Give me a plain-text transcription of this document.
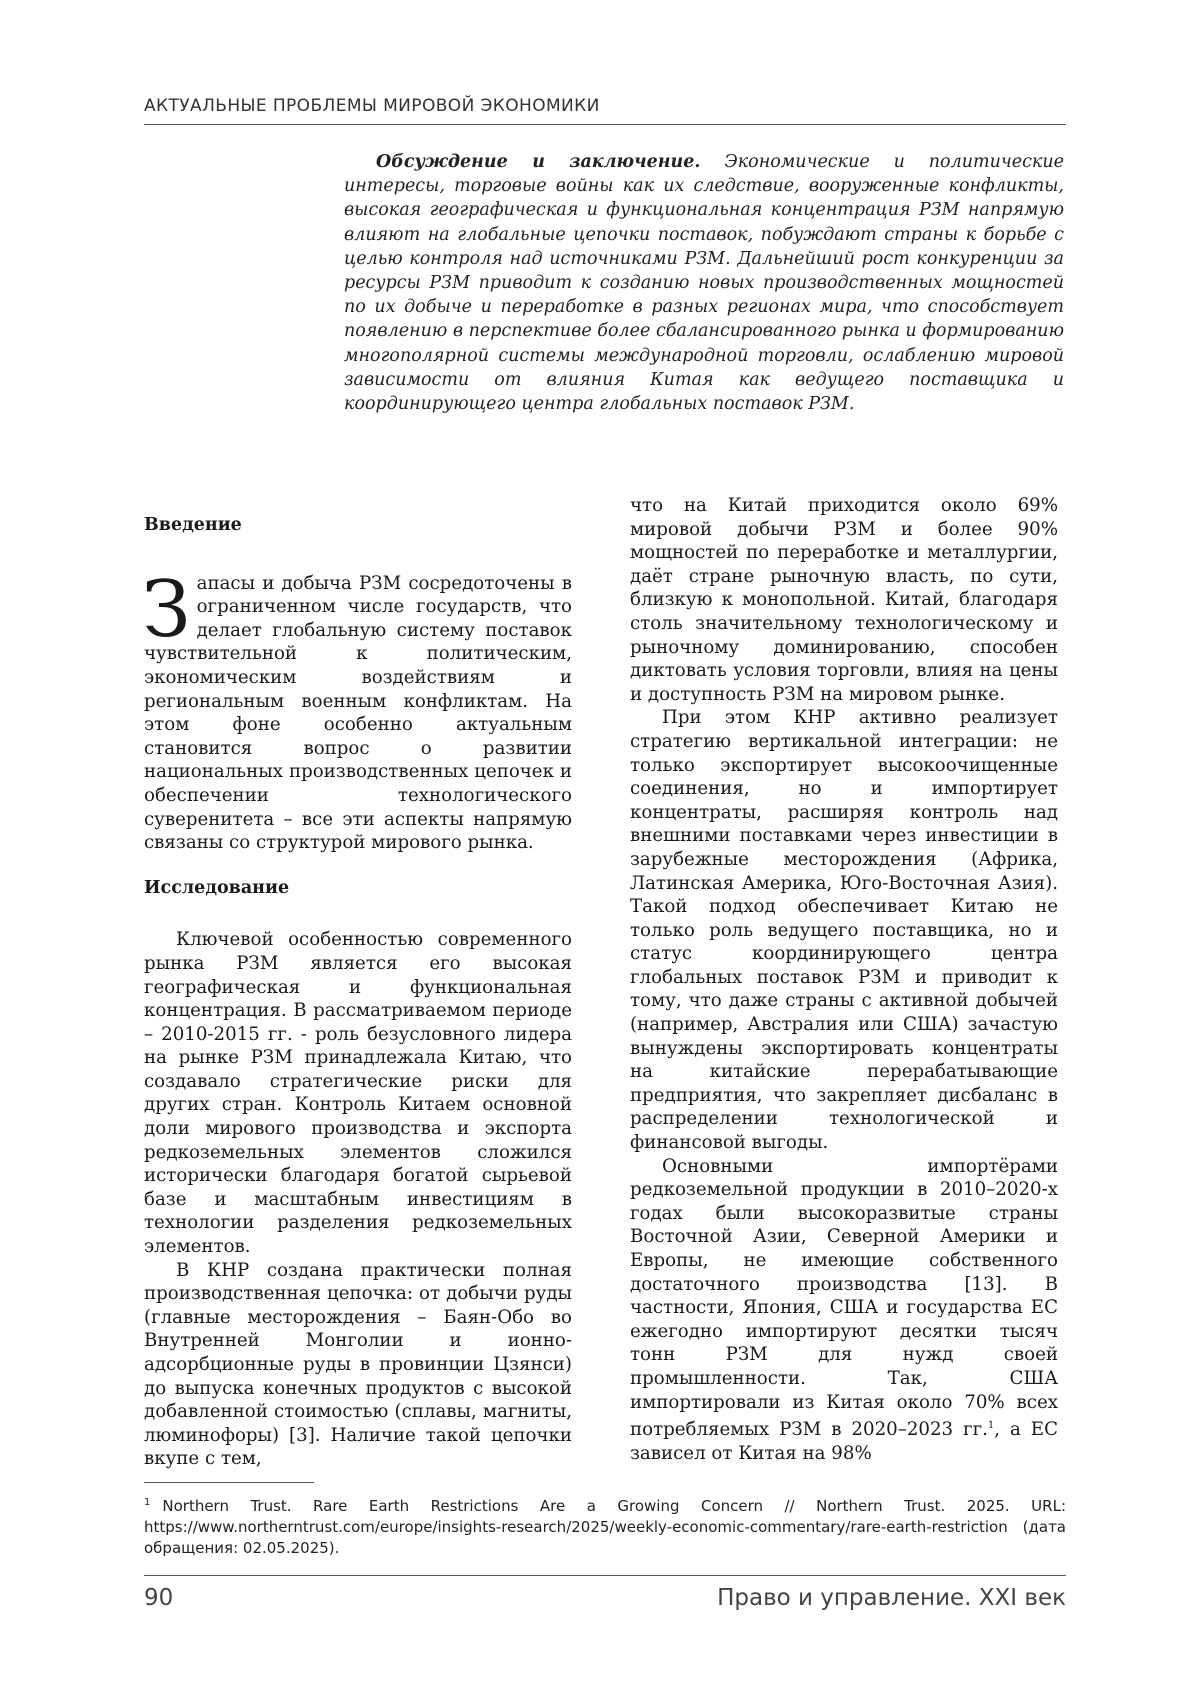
АКТУАЛЬНЫЕ ПРОБЛЕМЫ МИРОВОЙ ЭКОНОМИКИ

Обсуждение и заключение. Экономические и политические интересы, торговые войны как их следствие, вооруженные конфликты, высокая географическая и функциональная концентрация РЗМ напрямую влияют на глобальные цепочки поставок, побуждают страны к борьбе с целью контроля над источниками РЗМ. Дальнейший рост конкуренции за ресурсы РЗМ приводит к созданию новых производственных мощностей по их добыче и переработке в разных регионах мира, что способствует появлению в перспективе более сбалансированного рынка и формированию многополярной системы международной торговли, ослаблению мировой зависимости от влияния Китая как ведущего поставщика и координирующего центра глобальных поставок РЗМ.

Введение

Запасы и добыча РЗМ сосредоточены в ограниченном числе государств, что делает глобальную систему поставок чувствительной к политическим, экономическим воздействиям и региональным военным конфликтам. На этом фоне особенно актуальным становится вопрос о развитии национальных производственных цепочек и обеспечении технологического суверенитета – все эти аспекты напрямую связаны со структурой мирового рынка.

Исследование

Ключевой особенностью современного рынка РЗМ является его высокая географическая и функциональная концентрация. В рассматриваемом периоде – 2010-2015 гг. - роль безусловного лидера на рынке РЗМ принадлежала Китаю, что создавало стратегические риски для других стран. Контроль Китаем основной доли мирового производства и экспорта редкоземельных элементов сложился исторически благодаря богатой сырьевой базе и масштабным инвестициям в технологии разделения редкоземельных элементов.

В КНР создана практически полная производственная цепочка: от добычи руды (главные месторождения – Баян-Обо во Внутренней Монголии и ионно-адсорбционные руды в провинции Цзянси) до выпуска конечных продуктов с высокой добавленной стоимостью (сплавы, магниты, люминофоры) [3]. Наличие такой цепочки вкупе с тем,

что на Китай приходится около 69% мировой добычи РЗМ и более 90% мощностей по переработке и металлургии, даёт стране рыночную власть, по сути, близкую к монопольной. Китай, благодаря столь значительному технологическому и рыночному доминированию, способен диктовать условия торговли, влияя на цены и доступность РЗМ на мировом рынке.

При этом КНР активно реализует стратегию вертикальной интеграции: не только экспортирует высокоочищенные соединения, но и импортирует концентраты, расширяя контроль над внешними поставками через инвестиции в зарубежные месторождения (Африка, Латинская Америка, Юго-Восточная Азия). Такой подход обеспечивает Китаю не только роль ведущего поставщика, но и статус координирующего центра глобальных поставок РЗМ и приводит к тому, что даже страны с активной добычей (например, Австралия или США) зачастую вынуждены экспортировать концентраты на китайские перерабатывающие предприятия, что закрепляет дисбаланс в распределении технологической и финансовой выгоды.

Основными импортёрами редкоземельной продукции в 2010–2020-х годах были высокоразвитые страны Восточной Азии, Северной Америки и Европы, не имеющие собственного достаточного производства [13]. В частности, Япония, США и государства ЕС ежегодно импортируют десятки тысяч тонн РЗМ для нужд своей промышленности. Так, США импортировали из Китая около 70% всех потребляемых РЗМ в 2020–2023 гг.$^1$, а ЕС зависел от Китая на 98%

$^1$ Northern Trust. Rare Earth Restrictions Are a Growing Concern // Northern Trust. 2025. URL: https://www.northerntrust.com/europe/insights-research/2025/weekly-economic-commentary/rare-earth-restriction (дата обращения: 02.05.2025).

90	Право и управление. XXI век
